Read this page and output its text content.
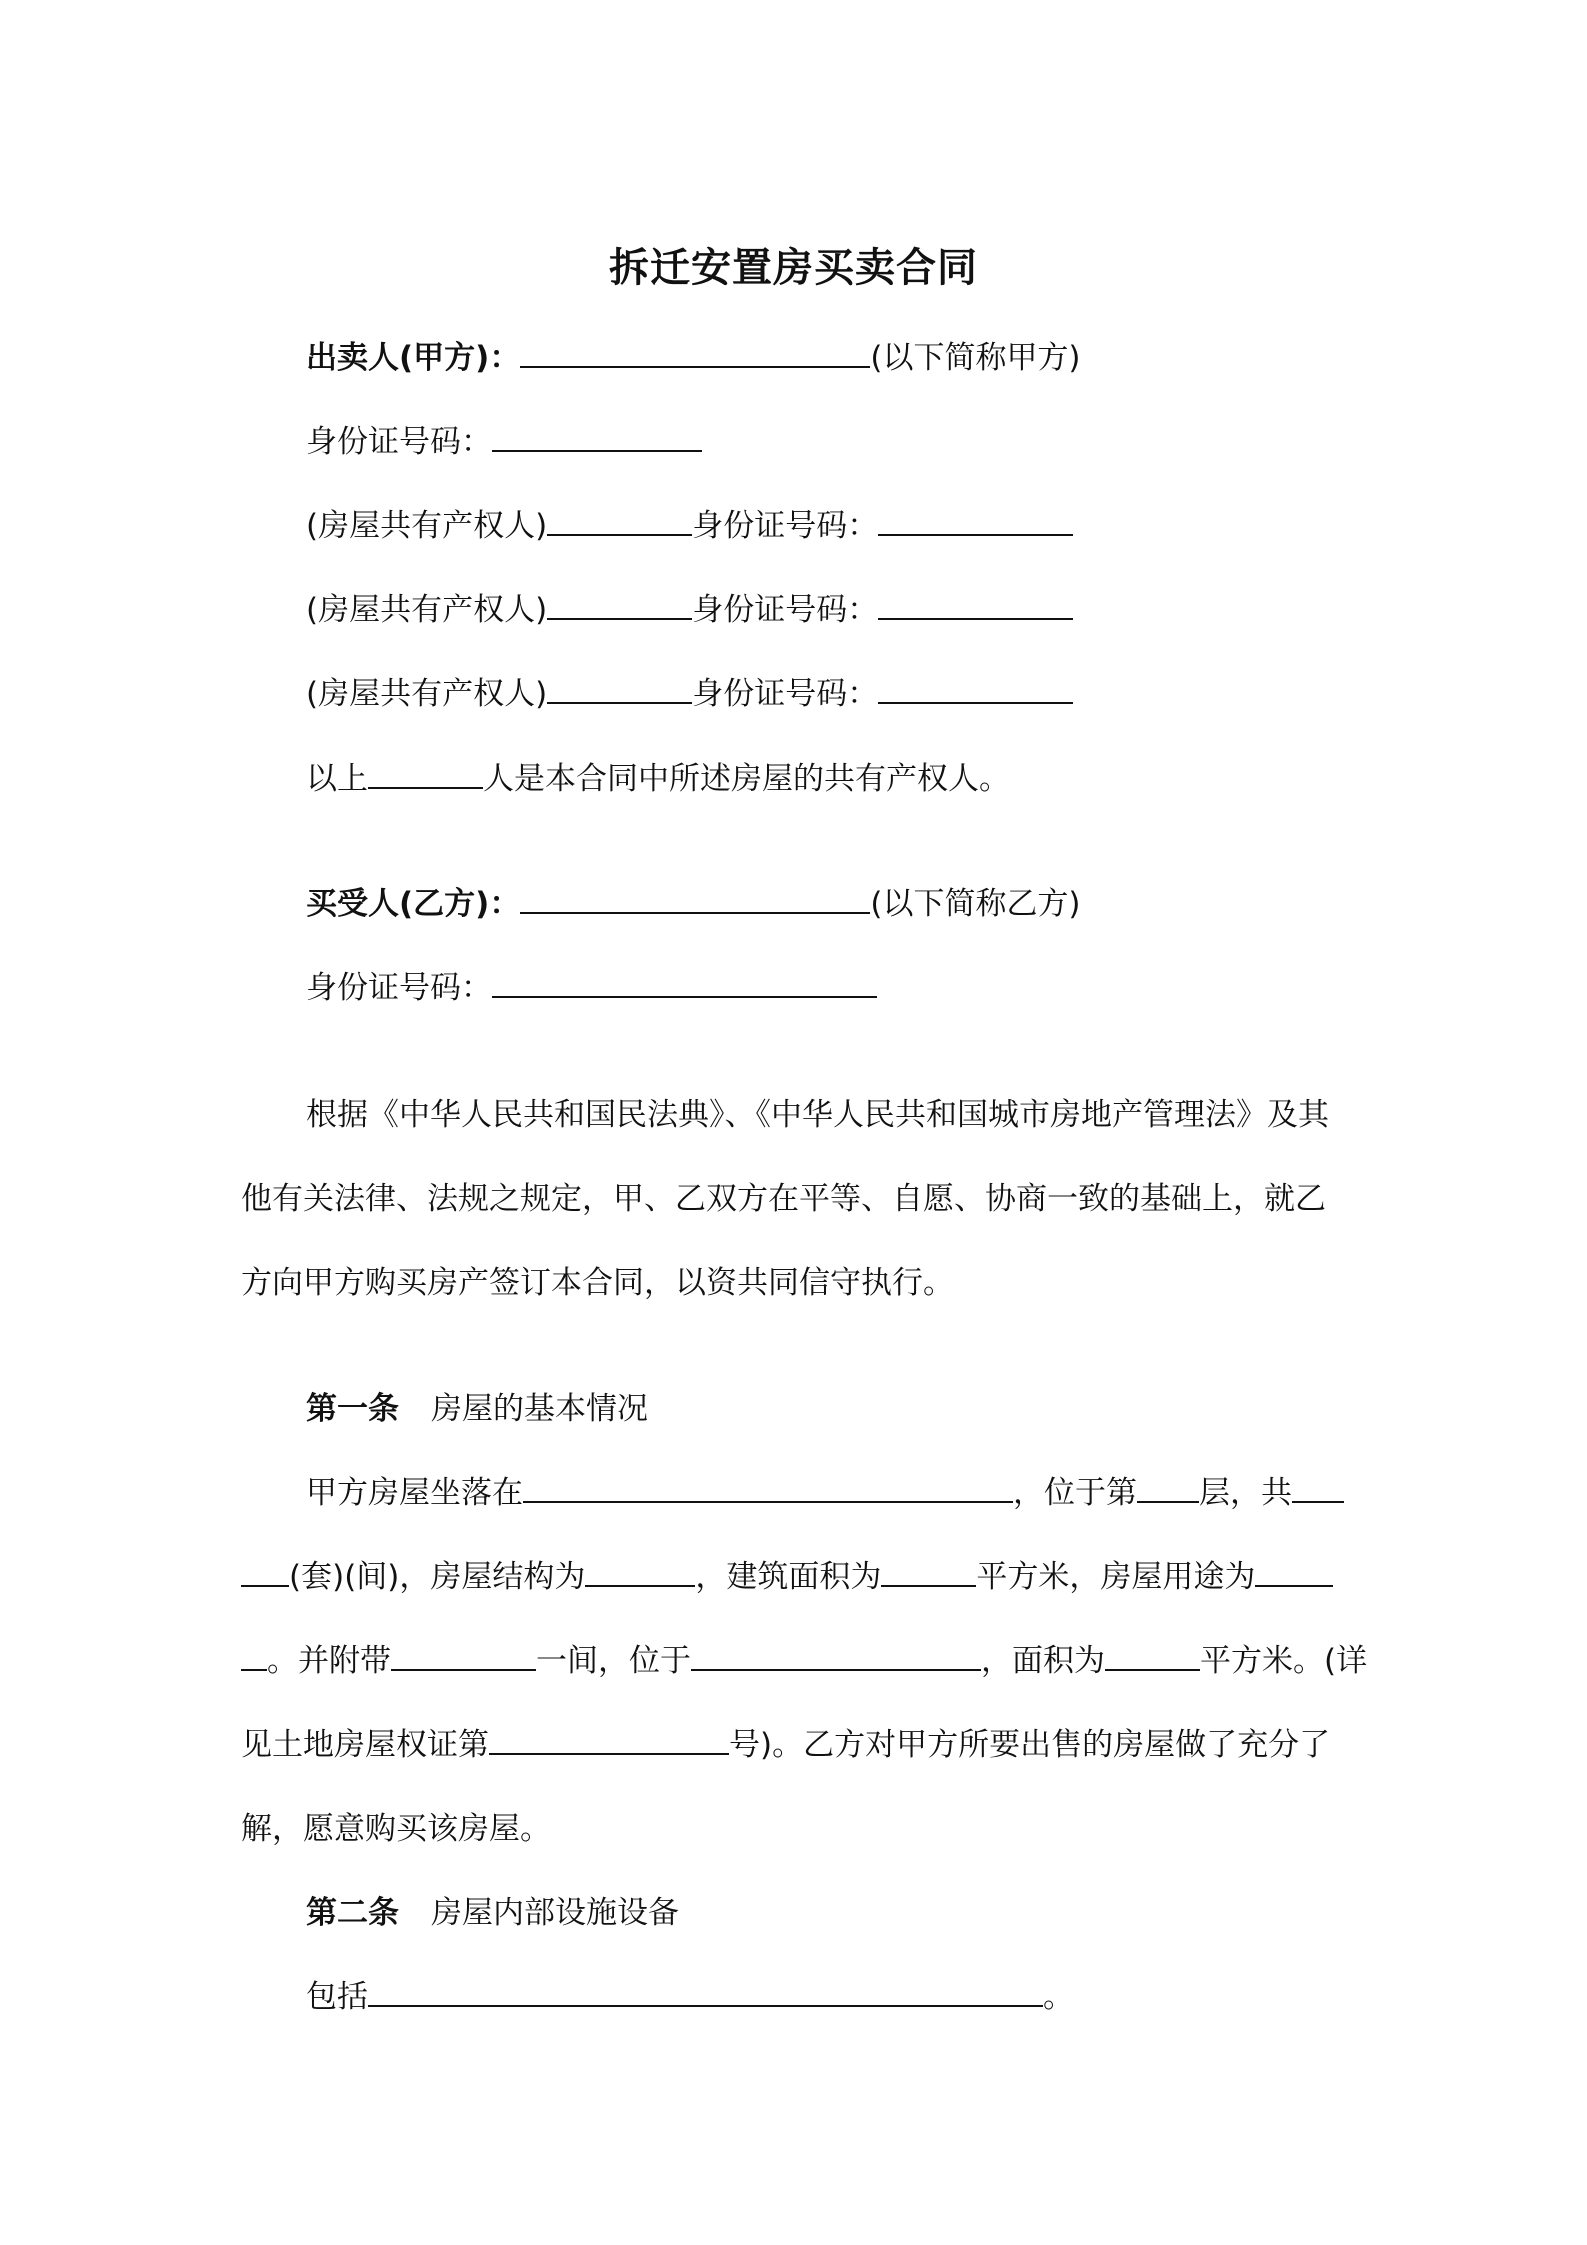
拆迁安置房买卖合同
出卖人(甲方)：	(以下简称甲方)
身份证号码：
(房屋共有产权人)	身份证号码：
(房屋共有产权人)	身份证号码：
(房屋共有产权人)	身份证号码：
以上	人是本合同中所述房屋的共有产权人。
买受人(乙方)：	(以下简称乙方)
身份证号码：
根据《中华人民共和国民法典》、《中华人民共和国城市房地产管理法》及其
他有关法律、法规之规定，甲、乙双方在平等、自愿、协商一致的基础上，就乙
方向甲方购买房产签订本合同，以资共同信守执行。
第一条 房屋的基本情况
甲方房屋坐落在	，位于第 层，共
(套)(间)，房屋结构为	，建筑面积为	平方米，房屋用途为
。并附带	一间，位于	，面积为	平方米。(详
见土地房屋权证第	号)。乙方对甲方所要出售的房屋做了充分了
解，愿意购买该房屋。
第二条 房屋内部设施设备
包括	。
